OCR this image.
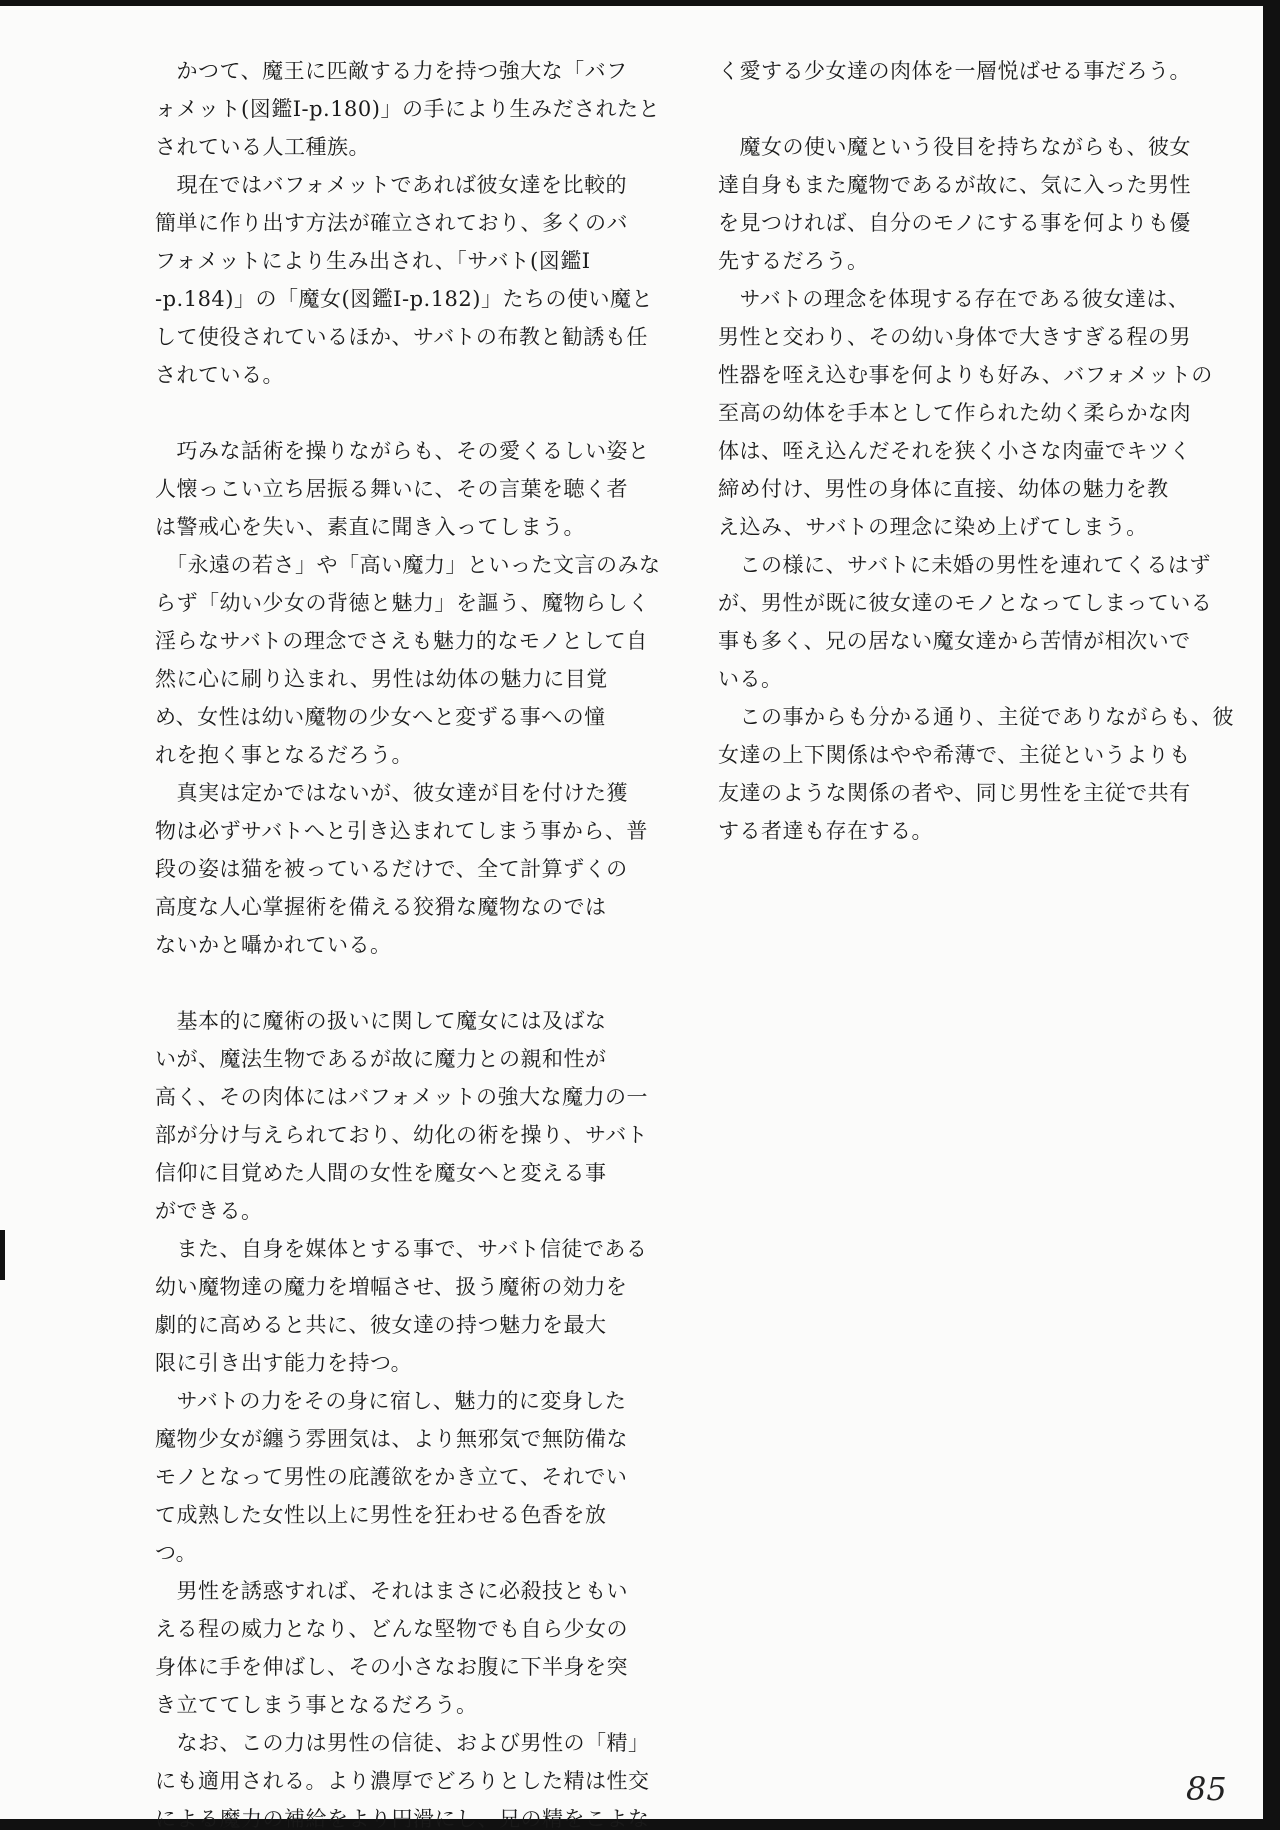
　かつて、魔王に匹敵する力を持つ強大な「バフ
ォメット(図鑑Ⅰ-p.180)」の手により生みだされたと
されている人工種族。
　現在ではバフォメットであれば彼女達を比較的
簡単に作り出す方法が確立されており、多くのバ
フォメットにより生み出され、「サバト(図鑑Ⅰ
-p.184)」の「魔女(図鑑Ⅰ-p.182)」たちの使い魔と
して使役されているほか、サバトの布教と勧誘も任
されている。
　巧みな話術を操りながらも、その愛くるしい姿と
人懐っこい立ち居振る舞いに、その言葉を聴く者
は警戒心を失い、素直に聞き入ってしまう。
　「永遠の若さ」や「高い魔力」といった文言のみな
らず「幼い少女の背徳と魅力」を謳う、魔物らしく
淫らなサバトの理念でさえも魅力的なモノとして自
然に心に刷り込まれ、男性は幼体の魅力に目覚
め、女性は幼い魔物の少女へと変ずる事への憧
れを抱く事となるだろう。
　真実は定かではないが、彼女達が目を付けた獲
物は必ずサバトへと引き込まれてしまう事から、普
段の姿は猫を被っているだけで、全て計算ずくの
高度な人心掌握術を備える狡猾な魔物なのでは
ないかと囁かれている。
　基本的に魔術の扱いに関して魔女には及ばな
いが、魔法生物であるが故に魔力との親和性が
高く、その肉体にはバフォメットの強大な魔力の一
部が分け与えられており、幼化の術を操り、サバト
信仰に目覚めた人間の女性を魔女へと変える事
ができる。
　また、自身を媒体とする事で、サバト信徒である
幼い魔物達の魔力を増幅させ、扱う魔術の効力を
劇的に高めると共に、彼女達の持つ魅力を最大
限に引き出す能力を持つ。
　サバトの力をその身に宿し、魅力的に変身した
魔物少女が纏う雰囲気は、より無邪気で無防備な
モノとなって男性の庇護欲をかき立て、それでい
て成熟した女性以上に男性を狂わせる色香を放
つ。
　男性を誘惑すれば、それはまさに必殺技ともい
える程の威力となり、どんな堅物でも自ら少女の
身体に手を伸ばし、その小さなお腹に下半身を突
き立ててしまう事となるだろう。
　なお、この力は男性の信徒、および男性の「精」
にも適用される。より濃厚でどろりとした精は性交
による魔力の補給をより円滑にし、兄の精をこよな
く愛する少女達の肉体を一層悦ばせる事だろう。
　魔女の使い魔という役目を持ちながらも、彼女
達自身もまた魔物であるが故に、気に入った男性
を見つければ、自分のモノにする事を何よりも優
先するだろう。
　サバトの理念を体現する存在である彼女達は、
男性と交わり、その幼い身体で大きすぎる程の男
性器を咥え込む事を何よりも好み、バフォメットの
至高の幼体を手本として作られた幼く柔らかな肉
体は、咥え込んだそれを狭く小さな肉壷でキツく
締め付け、男性の身体に直接、幼体の魅力を教
え込み、サバトの理念に染め上げてしまう。
　この様に、サバトに未婚の男性を連れてくるはず
が、男性が既に彼女達のモノとなってしまっている
事も多く、兄の居ない魔女達から苦情が相次いで
いる。
　この事からも分かる通り、主従でありながらも、彼
女達の上下関係はやや希薄で、主従というよりも
友達のような関係の者や、同じ男性を主従で共有
する者達も存在する。
85
